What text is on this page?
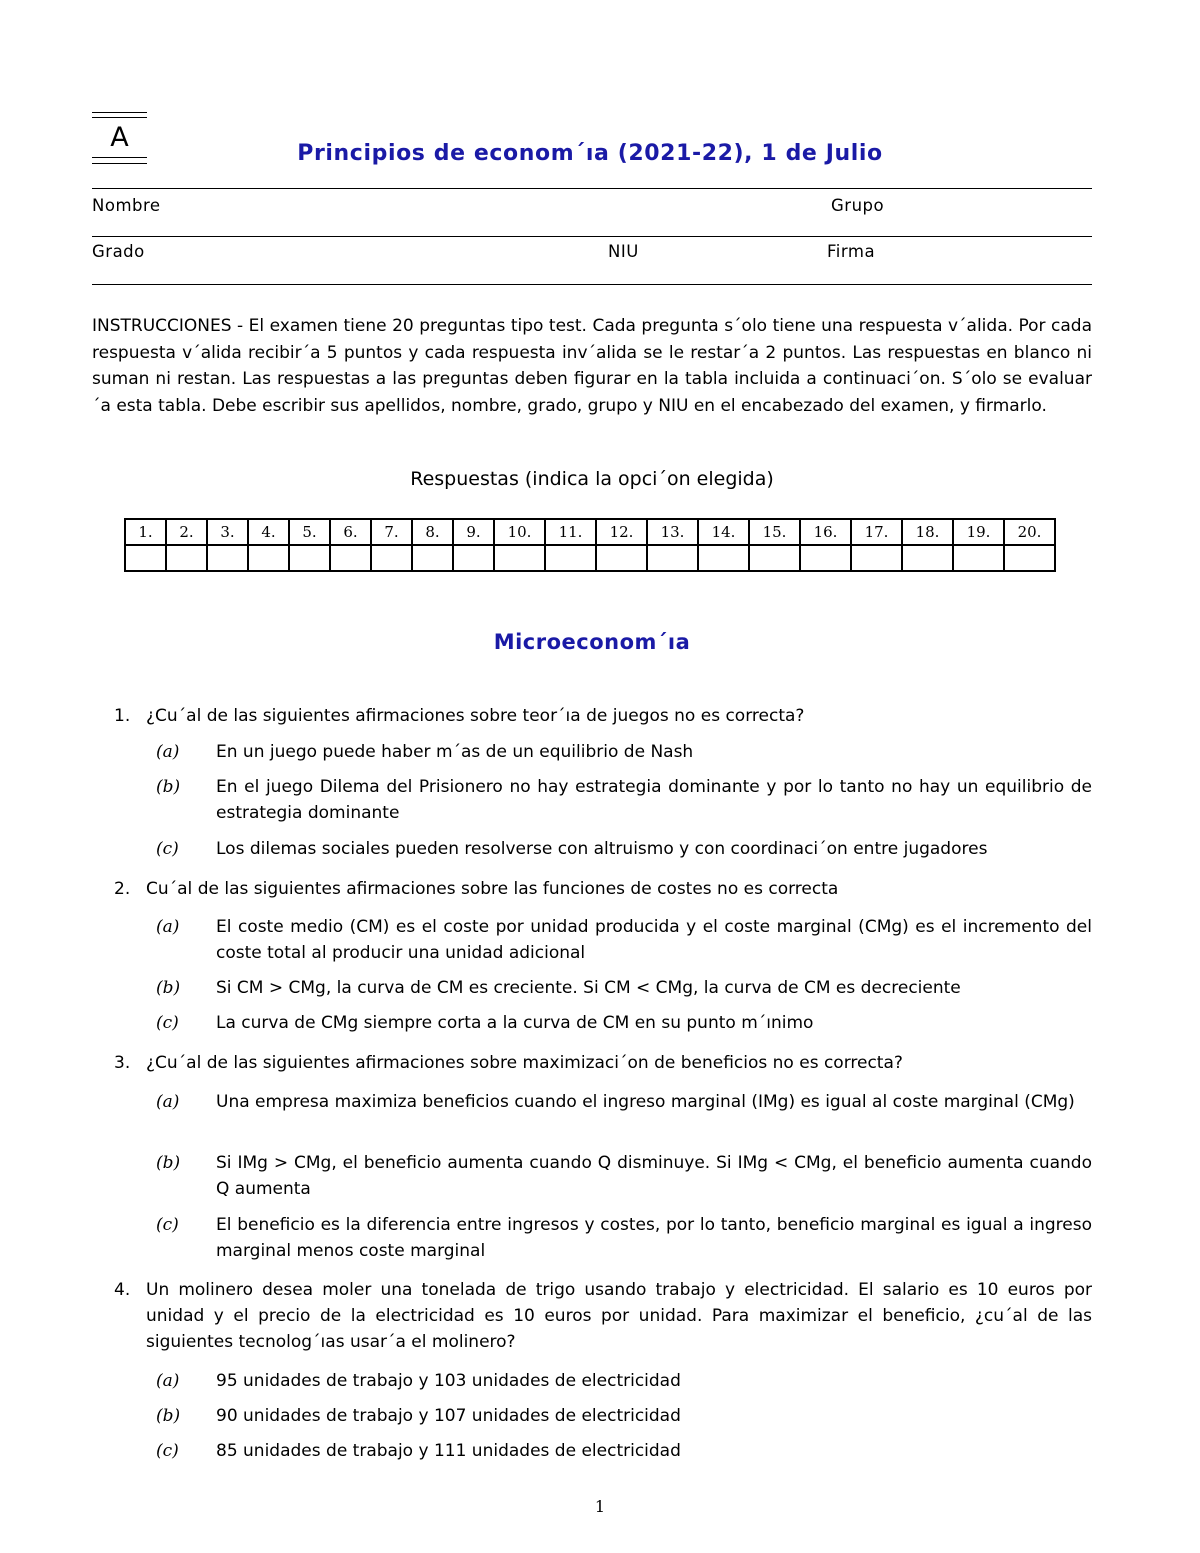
A
Principios de econom´ıa (2021-22), 1 de Julio
Nombre	Grupo
Grado	NIU	Firma
INSTRUCCIONES - El examen tiene 20 preguntas tipo test. Cada pregunta s´olo tiene una respuesta v´alida. Por cada respuesta v´alida recibir´a 5 puntos y cada respuesta inv´alida se le restar´a 2 puntos. Las respuestas en blanco ni suman ni restan. Las respuestas a las preguntas deben figurar en la tabla incluida a continuaci´on. S´olo se evaluar´a esta tabla. Debe escribir sus apellidos, nombre, grado, grupo y NIU en el encabezado del examen, y firmarlo.
Respuestas (indica la opci´on elegida)
1.	2.	3.	4.	5.	6.	7.	8.	9.	10.	11.	12.	13.	14.	15.	16.	17.	18.	19.	20.

Microeconom´ıa
1. ¿Cu´al de las siguientes afirmaciones sobre teor´ıa de juegos no es correcta?
(a) En un juego puede haber m´as de un equilibrio de Nash
(b) En el juego Dilema del Prisionero no hay estrategia dominante y por lo tanto no hay un equilibrio de estrategia dominante
(c) Los dilemas sociales pueden resolverse con altruismo y con coordinaci´on entre jugadores
2. Cu´al de las siguientes afirmaciones sobre las funciones de costes no es correcta
(a) El coste medio (CM) es el coste por unidad producida y el coste marginal (CMg) es el incremento del coste total al producir una unidad adicional
(b) Si CM > CMg, la curva de CM es creciente. Si CM < CMg, la curva de CM es decreciente
(c) La curva de CMg siempre corta a la curva de CM en su punto m´ınimo
3. ¿Cu´al de las siguientes afirmaciones sobre maximizaci´on de beneficios no es correcta?
(a) Una empresa maximiza beneficios cuando el ingreso marginal (IMg) es igual al coste marginal (CMg)
(b) Si IMg > CMg, el beneficio aumenta cuando Q disminuye. Si IMg < CMg, el beneficio aumenta cuando Q aumenta
(c) El beneficio es la diferencia entre ingresos y costes, por lo tanto, beneficio marginal es igual a ingreso marginal menos coste marginal
4. Un molinero desea moler una tonelada de trigo usando trabajo y electricidad. El salario es 10 euros por unidad y el precio de la electricidad es 10 euros por unidad. Para maximizar el beneficio, ¿cu´al de las siguientes tecnolog´ıas usar´a el molinero?
(a) 95 unidades de trabajo y 103 unidades de electricidad
(b) 90 unidades de trabajo y 107 unidades de electricidad
(c) 85 unidades de trabajo y 111 unidades de electricidad
1
